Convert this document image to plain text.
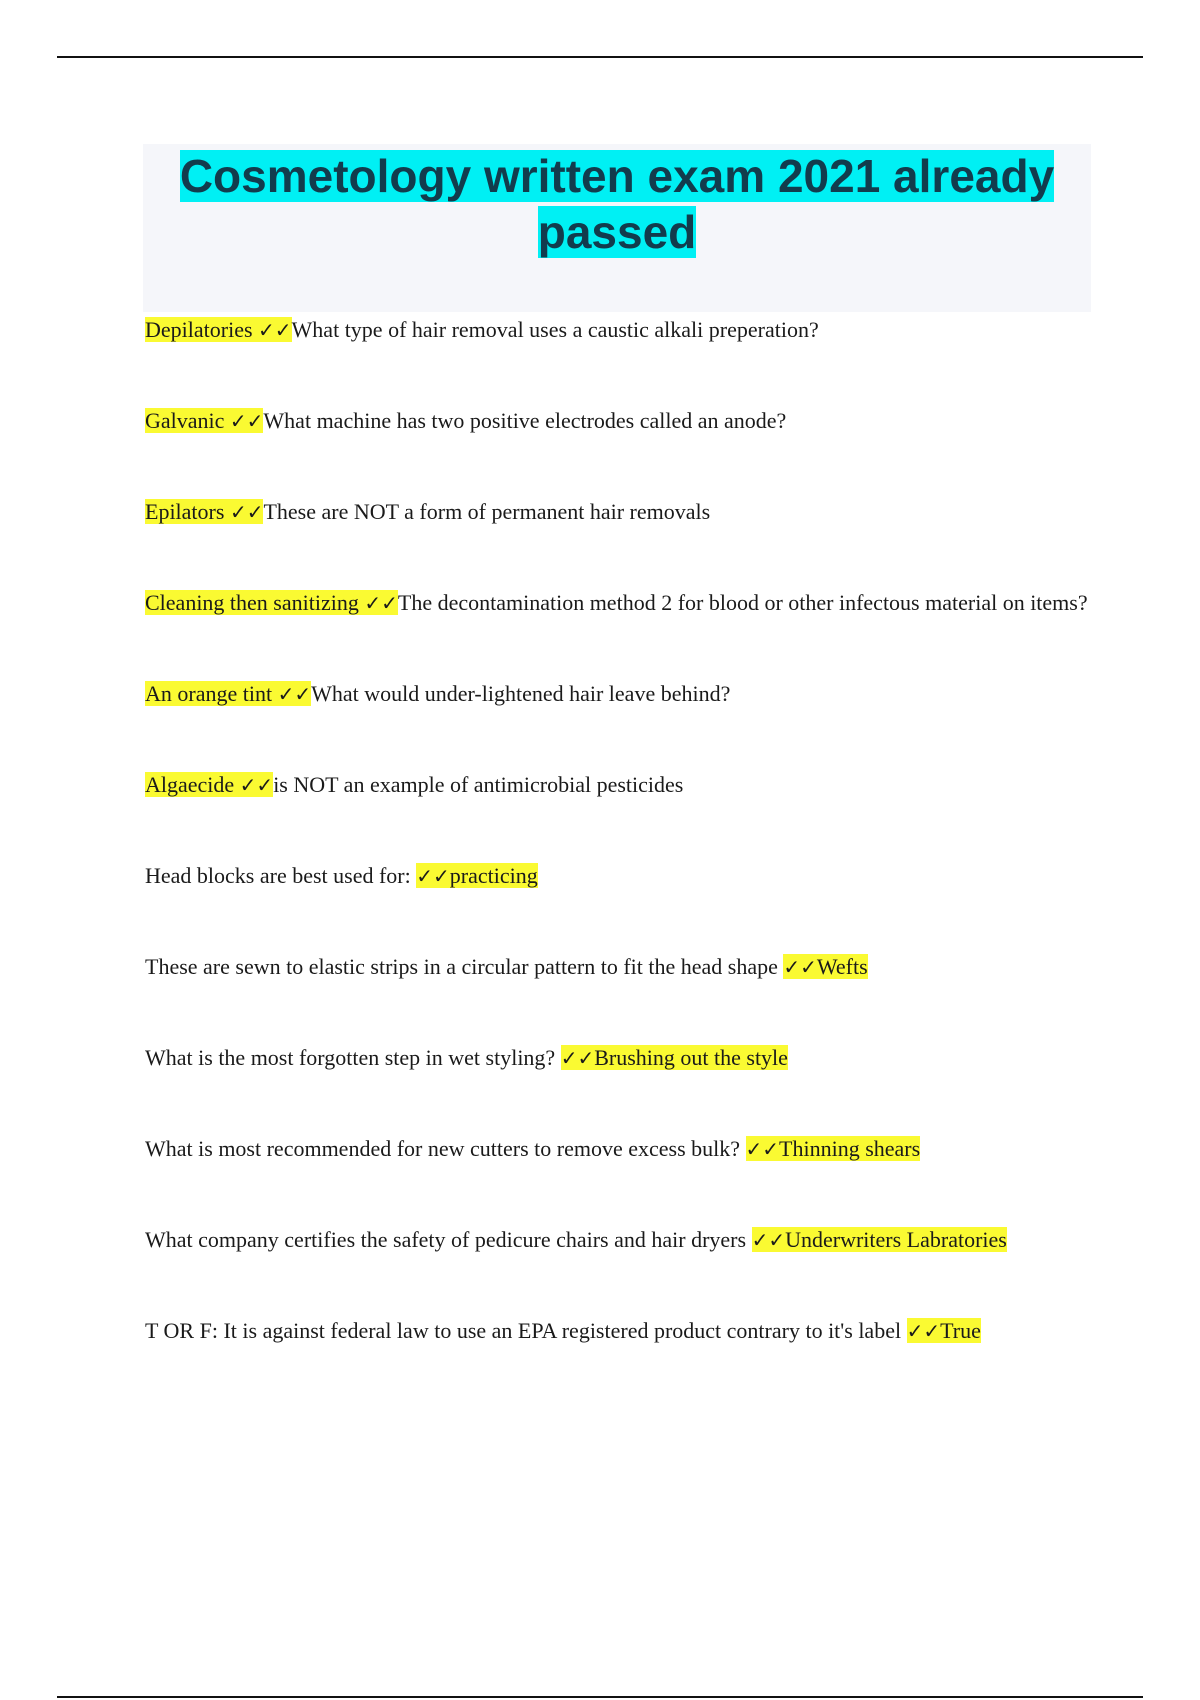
Cosmetology written exam 2021 already passed

Depilatories ✓✓What type of hair removal uses a caustic alkali preperation?

Galvanic ✓✓What machine has two positive electrodes called an anode?

Epilators ✓✓These are NOT a form of permanent hair removals

Cleaning then sanitizing ✓✓The decontamination method 2 for blood or other infectous material on items?

An orange tint ✓✓What would under-lightened hair leave behind?

Algaecide ✓✓is NOT an example of antimicrobial pesticides

Head blocks are best used for: ✓✓practicing

These are sewn to elastic strips in a circular pattern to fit the head shape ✓✓Wefts

What is the most forgotten step in wet styling? ✓✓Brushing out the style

What is most recommended for new cutters to remove excess bulk? ✓✓Thinning shears

What company certifies the safety of pedicure chairs and hair dryers ✓✓Underwriters Labratories

T OR F: It is against federal law to use an EPA registered product contrary to it's label ✓✓True
